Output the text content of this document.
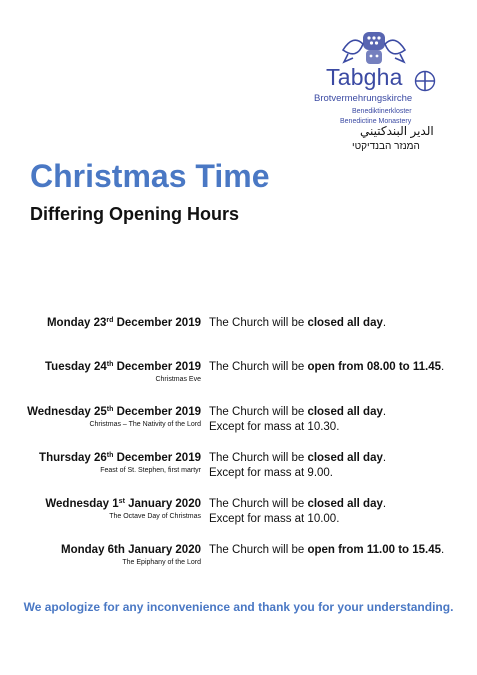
Tabgha
Brotvermehrungskirche
Benediktinerkloster
Benedictine Monastery
الدير البندكتيني
המנזר הבנדיקטי
Christmas Time
Differing Opening Hours
Monday 23rd December 2019 The Church will be closed all day.
Tuesday 24th December 2019
Christmas Eve
The Church will be open from 08.00 to 11.45.
Wednesday 25th December 2019
Christmas – The Nativity of the Lord
The Church will be closed all day.
Except for mass at 10.30.
Thursday 26th December 2019
Feast of St. Stephen, first martyr
The Church will be closed all day.
Except for mass at 9.00.
Wednesday 1st January 2020
The Octave Day of Christmas
The Church will be closed all day.
Except for mass at 10.00.
Monday 6th January 2020
The Epiphany of the Lord
The Church will be open from 11.00 to 15.45.
We apologize for any inconvenience and thank you for your understanding.
